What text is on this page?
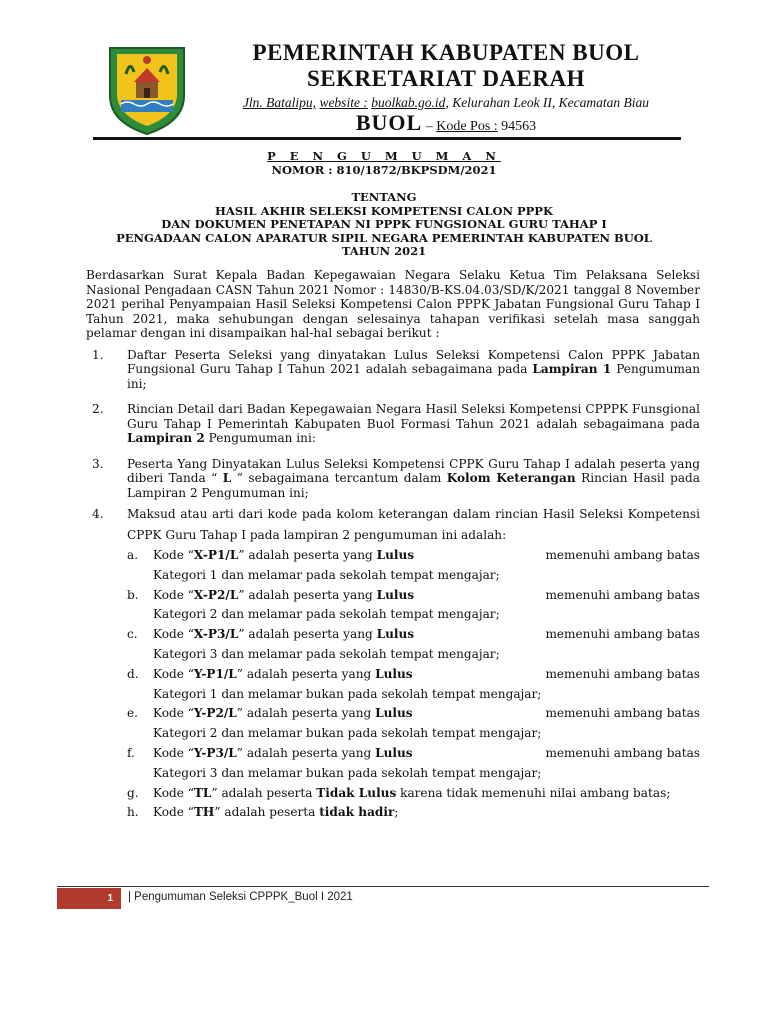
PEMERINTAH KABUPATEN BUOL
SEKRETARIAT DAERAH
Jln. Batalipu, website : buolkab.go.id, Kelurahan Leok II, Kecamatan Biau
BUOL – Kode Pos : 94563
P E N G U M U M A N
NOMOR : 810/1872/BKPSDM/2021
TENTANG
HASIL AKHIR SELEKSI KOMPETENSI CALON PPPK
DAN DOKUMEN PENETAPAN NI PPPK FUNGSIONAL GURU TAHAP I
PENGADAAN CALON APARATUR SIPIL NEGARA PEMERINTAH KABUPATEN BUOL
TAHUN 2021

Berdasarkan Surat Kepala Badan Kepegawaian Negara Selaku Ketua Tim Pelaksana Seleksi Nasional Pengadaan CASN Tahun 2021 Nomor : 14830/B-KS.04.03/SD/K/2021 tanggal 8 November 2021 perihal Penyampaian Hasil Seleksi Kompetensi Calon PPPK Jabatan Fungsional Guru Tahap I Tahun 2021, maka sehubungan dengan selesainya tahapan verifikasi setelah masa sanggah pelamar dengan ini disampaikan hal-hal sebagai berikut :

1. Daftar Peserta Seleksi yang dinyatakan Lulus Seleksi Kompetensi Calon PPPK Jabatan Fungsional Guru Tahap I Tahun 2021 adalah sebagaimana pada Lampiran 1 Pengumuman ini;
2. Rincian Detail dari Badan Kepegawaian Negara Hasil Seleksi Kompetensi CPPPK Funsgional Guru Tahap I Pemerintah Kabupaten Buol Formasi Tahun 2021 adalah sebagaimana pada Lampiran 2 Pengumuman ini:
3. Peserta Yang Dinyatakan Lulus Seleksi Kompetensi CPPK Guru Tahap I adalah peserta yang diberi Tanda “ L ” sebagaimana tercantum dalam Kolom Keterangan Rincian Hasil pada Lampiran 2 Pengumuman ini;
4. Maksud atau arti dari kode pada kolom keterangan dalam rincian Hasil Seleksi Kompetensi CPPK Guru Tahap I pada lampiran 2 pengumuman ini adalah:
a. Kode “X-P1/L” adalah peserta yang Lulus	memenuhi ambang batas
Kategori 1 dan melamar pada sekolah tempat mengajar;
b. Kode “X-P2/L” adalah peserta yang Lulus	memenuhi ambang batas
Kategori 2 dan melamar pada sekolah tempat mengajar;
c. Kode “X-P3/L” adalah peserta yang Lulus	memenuhi ambang batas
Kategori 3 dan melamar pada sekolah tempat mengajar;
d. Kode “Y-P1/L” adalah peserta yang Lulus	memenuhi ambang batas
Kategori 1 dan melamar bukan pada sekolah tempat mengajar;
e. Kode “Y-P2/L” adalah peserta yang Lulus	memenuhi ambang batas
Kategori 2 dan melamar bukan pada sekolah tempat mengajar;
f. Kode “Y-P3/L” adalah peserta yang Lulus	memenuhi ambang batas
Kategori 3 dan melamar bukan pada sekolah tempat mengajar;
g. Kode “TL” adalah peserta Tidak Lulus karena tidak memenuhi nilai ambang batas;
h. Kode “TH” adalah peserta tidak hadir;
1	| Pengumuman Seleksi CPPPK_Buol I 2021
